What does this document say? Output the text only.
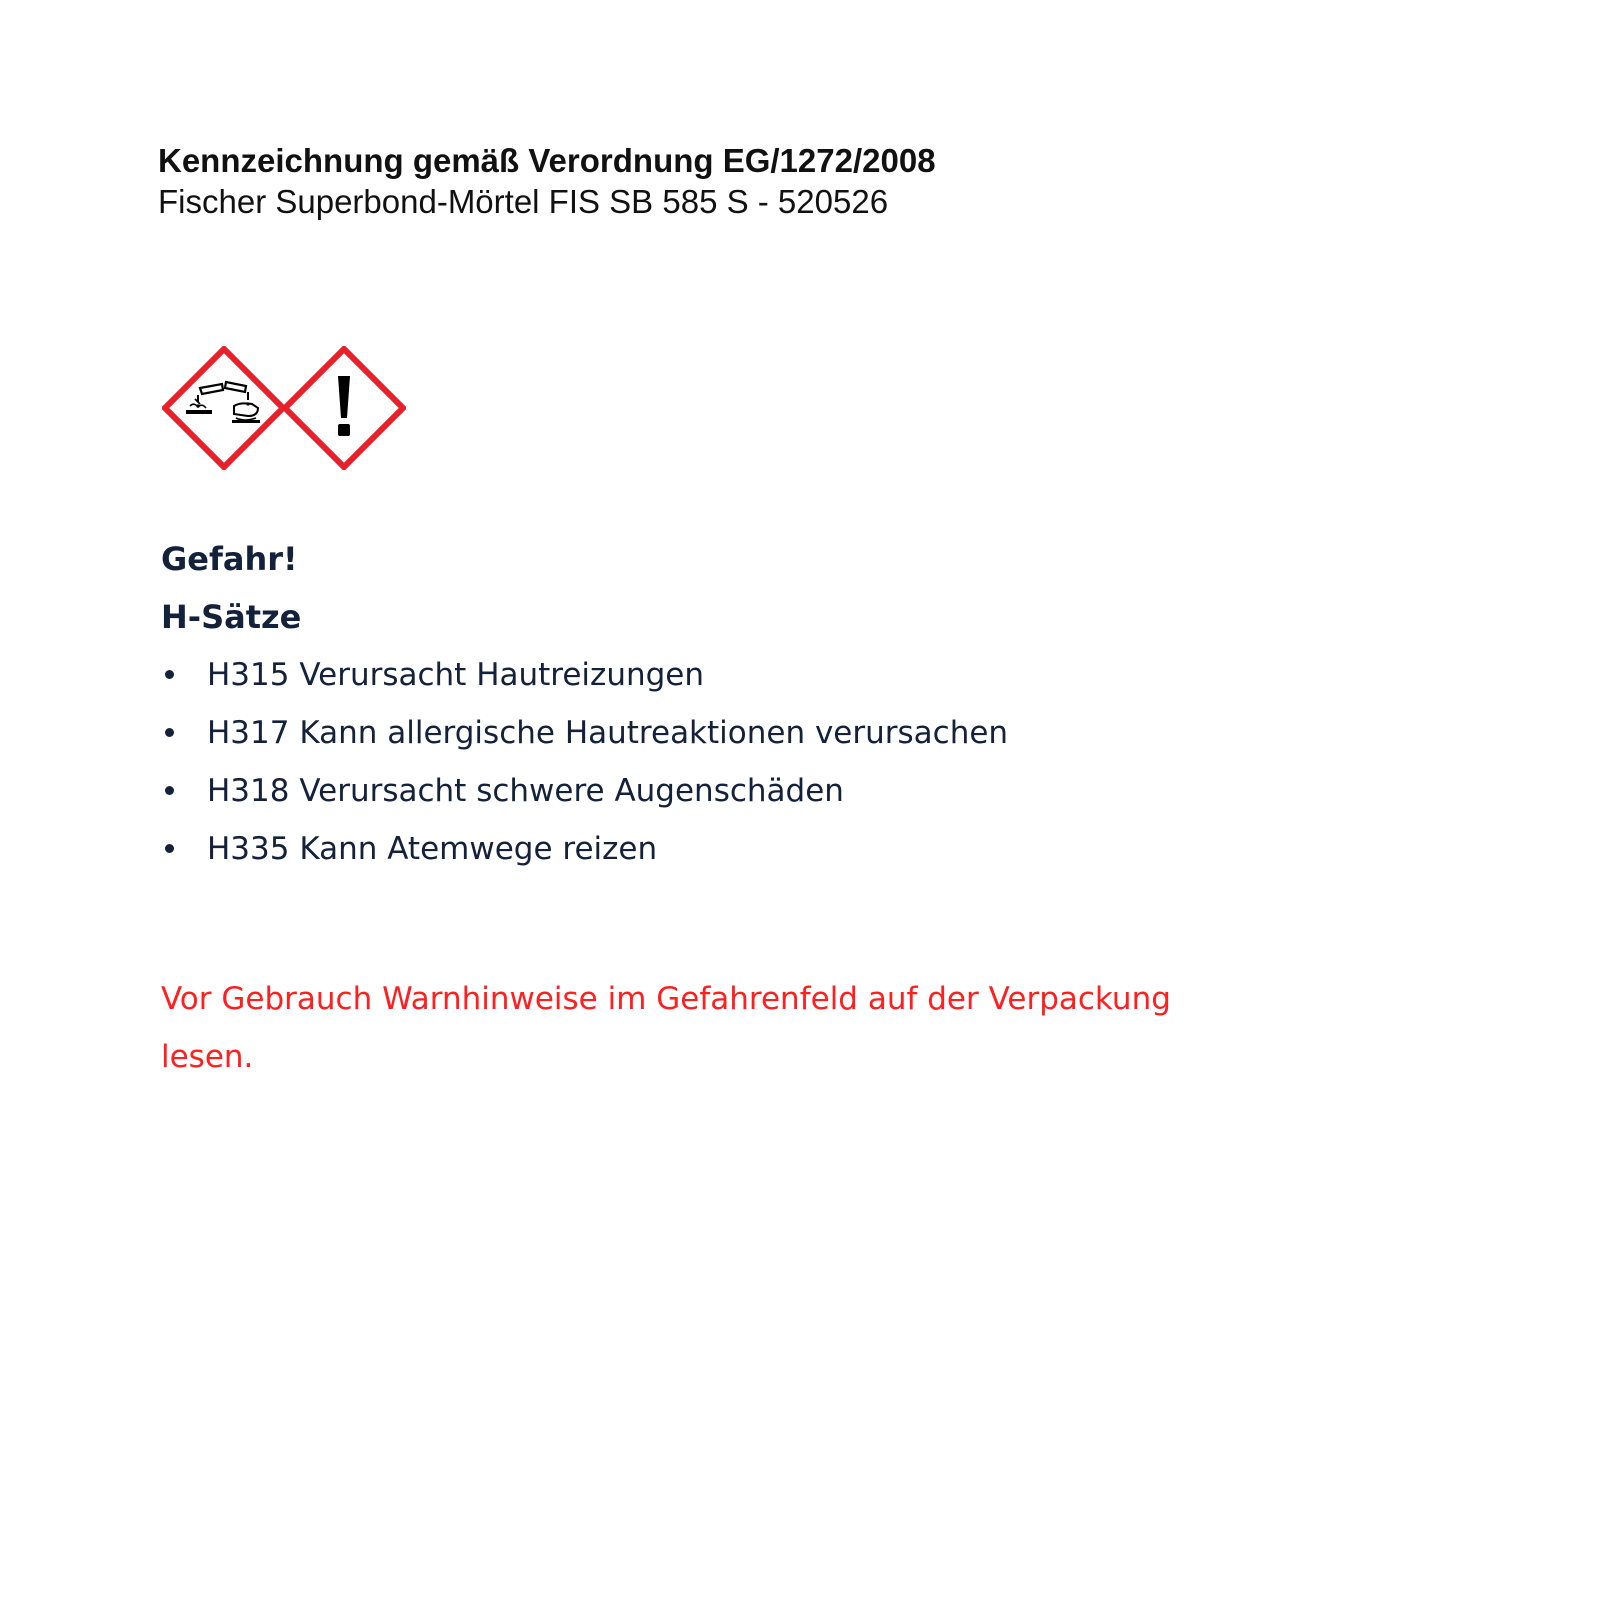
Kennzeichnung gemäß Verordnung EG/1272/2008
Fischer Superbond-Mörtel FIS SB 585 S - 520526
Gefahr!
H-Sätze
H315 Verursacht Hautreizungen
H317 Kann allergische Hautreaktionen verursachen
H318 Verursacht schwere Augenschäden
H335 Kann Atemwege reizen
Vor Gebrauch Warnhinweise im Gefahrenfeld auf der Verpackung lesen.
